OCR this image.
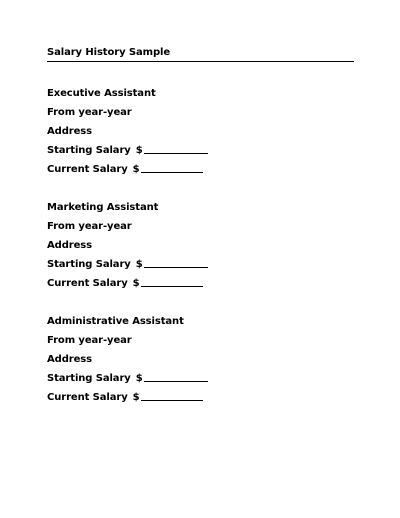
Salary History Sample
Executive Assistant
From year-year
Address
Starting Salary $
Current Salary $
Marketing Assistant
From year-year
Address
Starting Salary $
Current Salary $
Administrative Assistant
From year-year
Address
Starting Salary $
Current Salary $
